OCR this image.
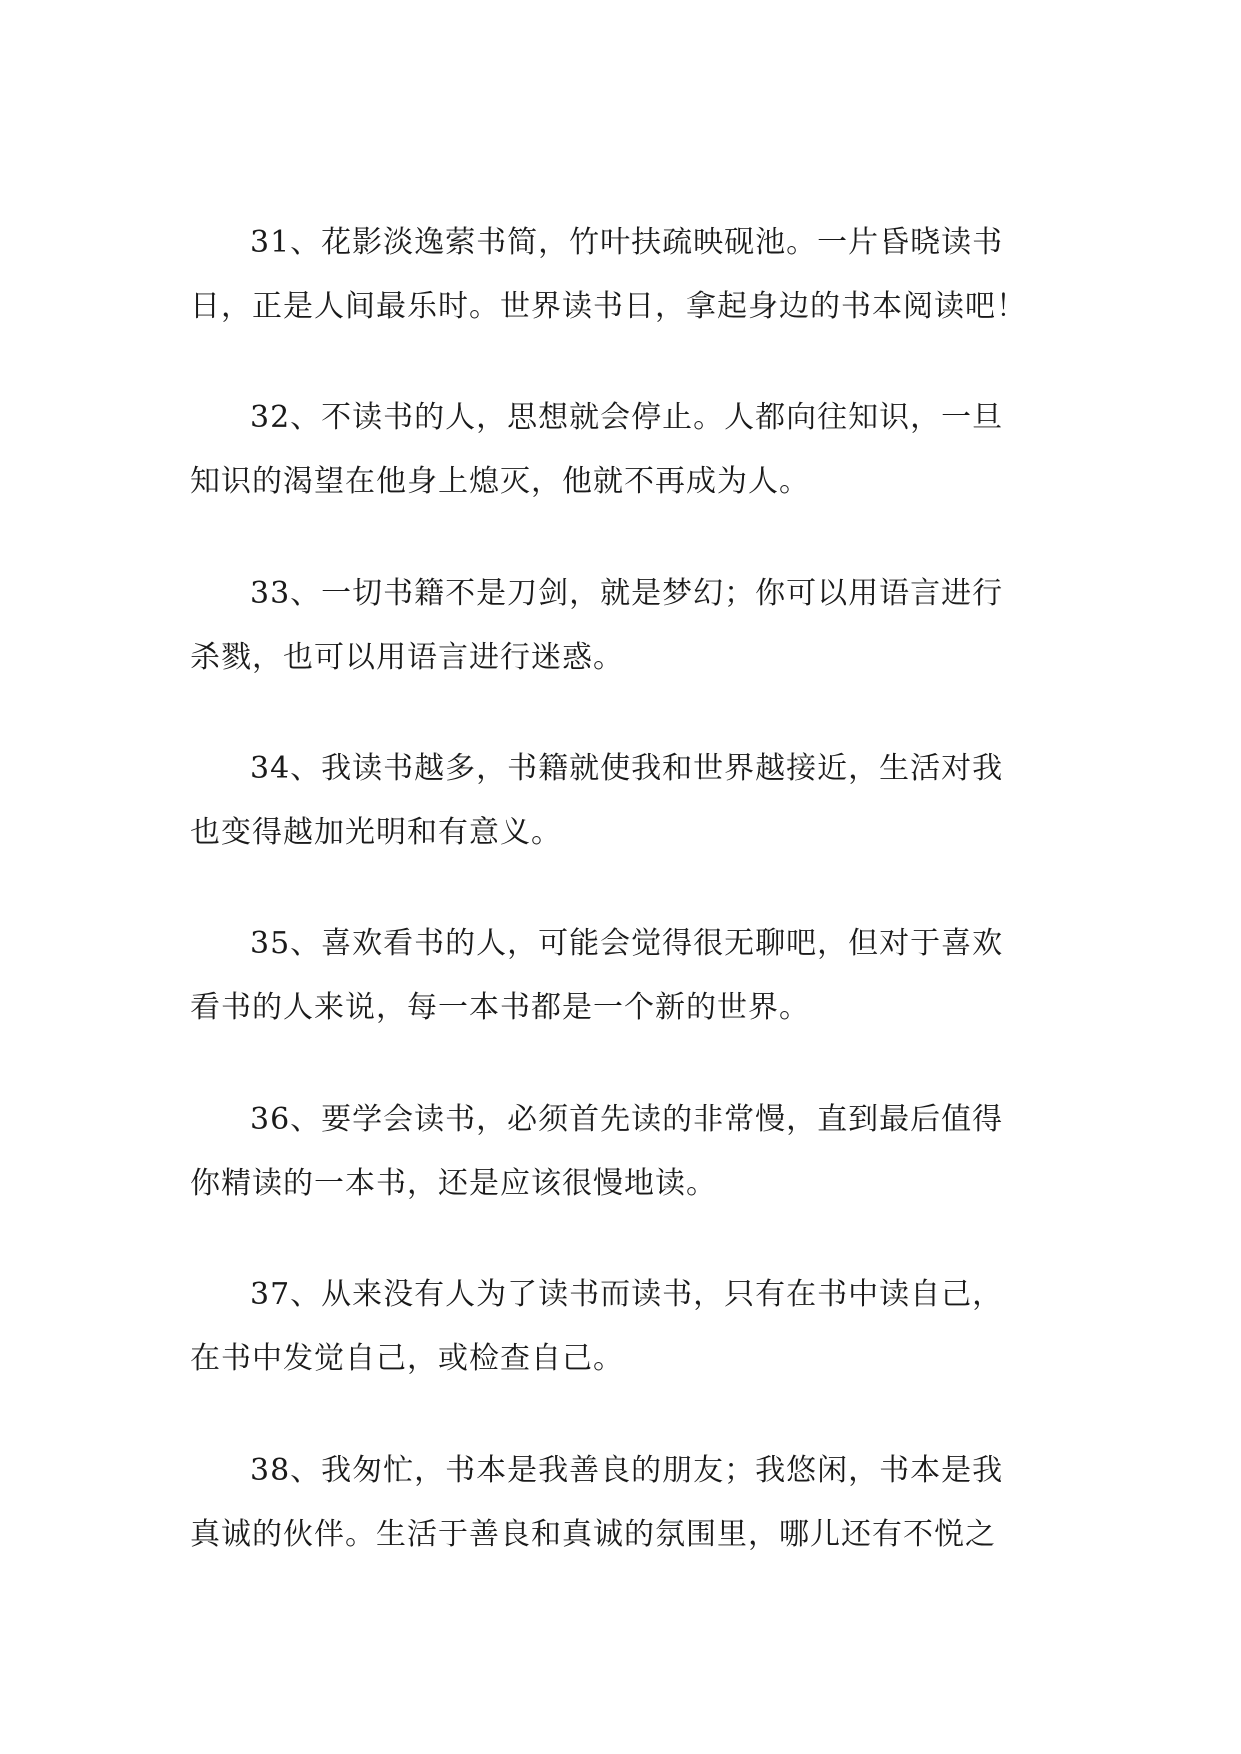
31、花影淡逸萦书简，竹叶扶疏映砚池。一片昏晓读书
日，正是人间最乐时。世界读书日，拿起身边的书本阅读吧！

32、不读书的人，思想就会停止。人都向往知识，一旦
知识的渴望在他身上熄灭，他就不再成为人。

33、一切书籍不是刀剑，就是梦幻；你可以用语言进行
杀戮，也可以用语言进行迷惑。

34、我读书越多，书籍就使我和世界越接近，生活对我
也变得越加光明和有意义。

35、喜欢看书的人，可能会觉得很无聊吧，但对于喜欢
看书的人来说，每一本书都是一个新的世界。

36、要学会读书，必须首先读的非常慢，直到最后值得
你精读的一本书，还是应该很慢地读。

37、从来没有人为了读书而读书，只有在书中读自己，
在书中发觉自己，或检查自己。

38、我匆忙，书本是我善良的朋友；我悠闲，书本是我
真诚的伙伴。生活于善良和真诚的氛围里，哪儿还有不悦之
